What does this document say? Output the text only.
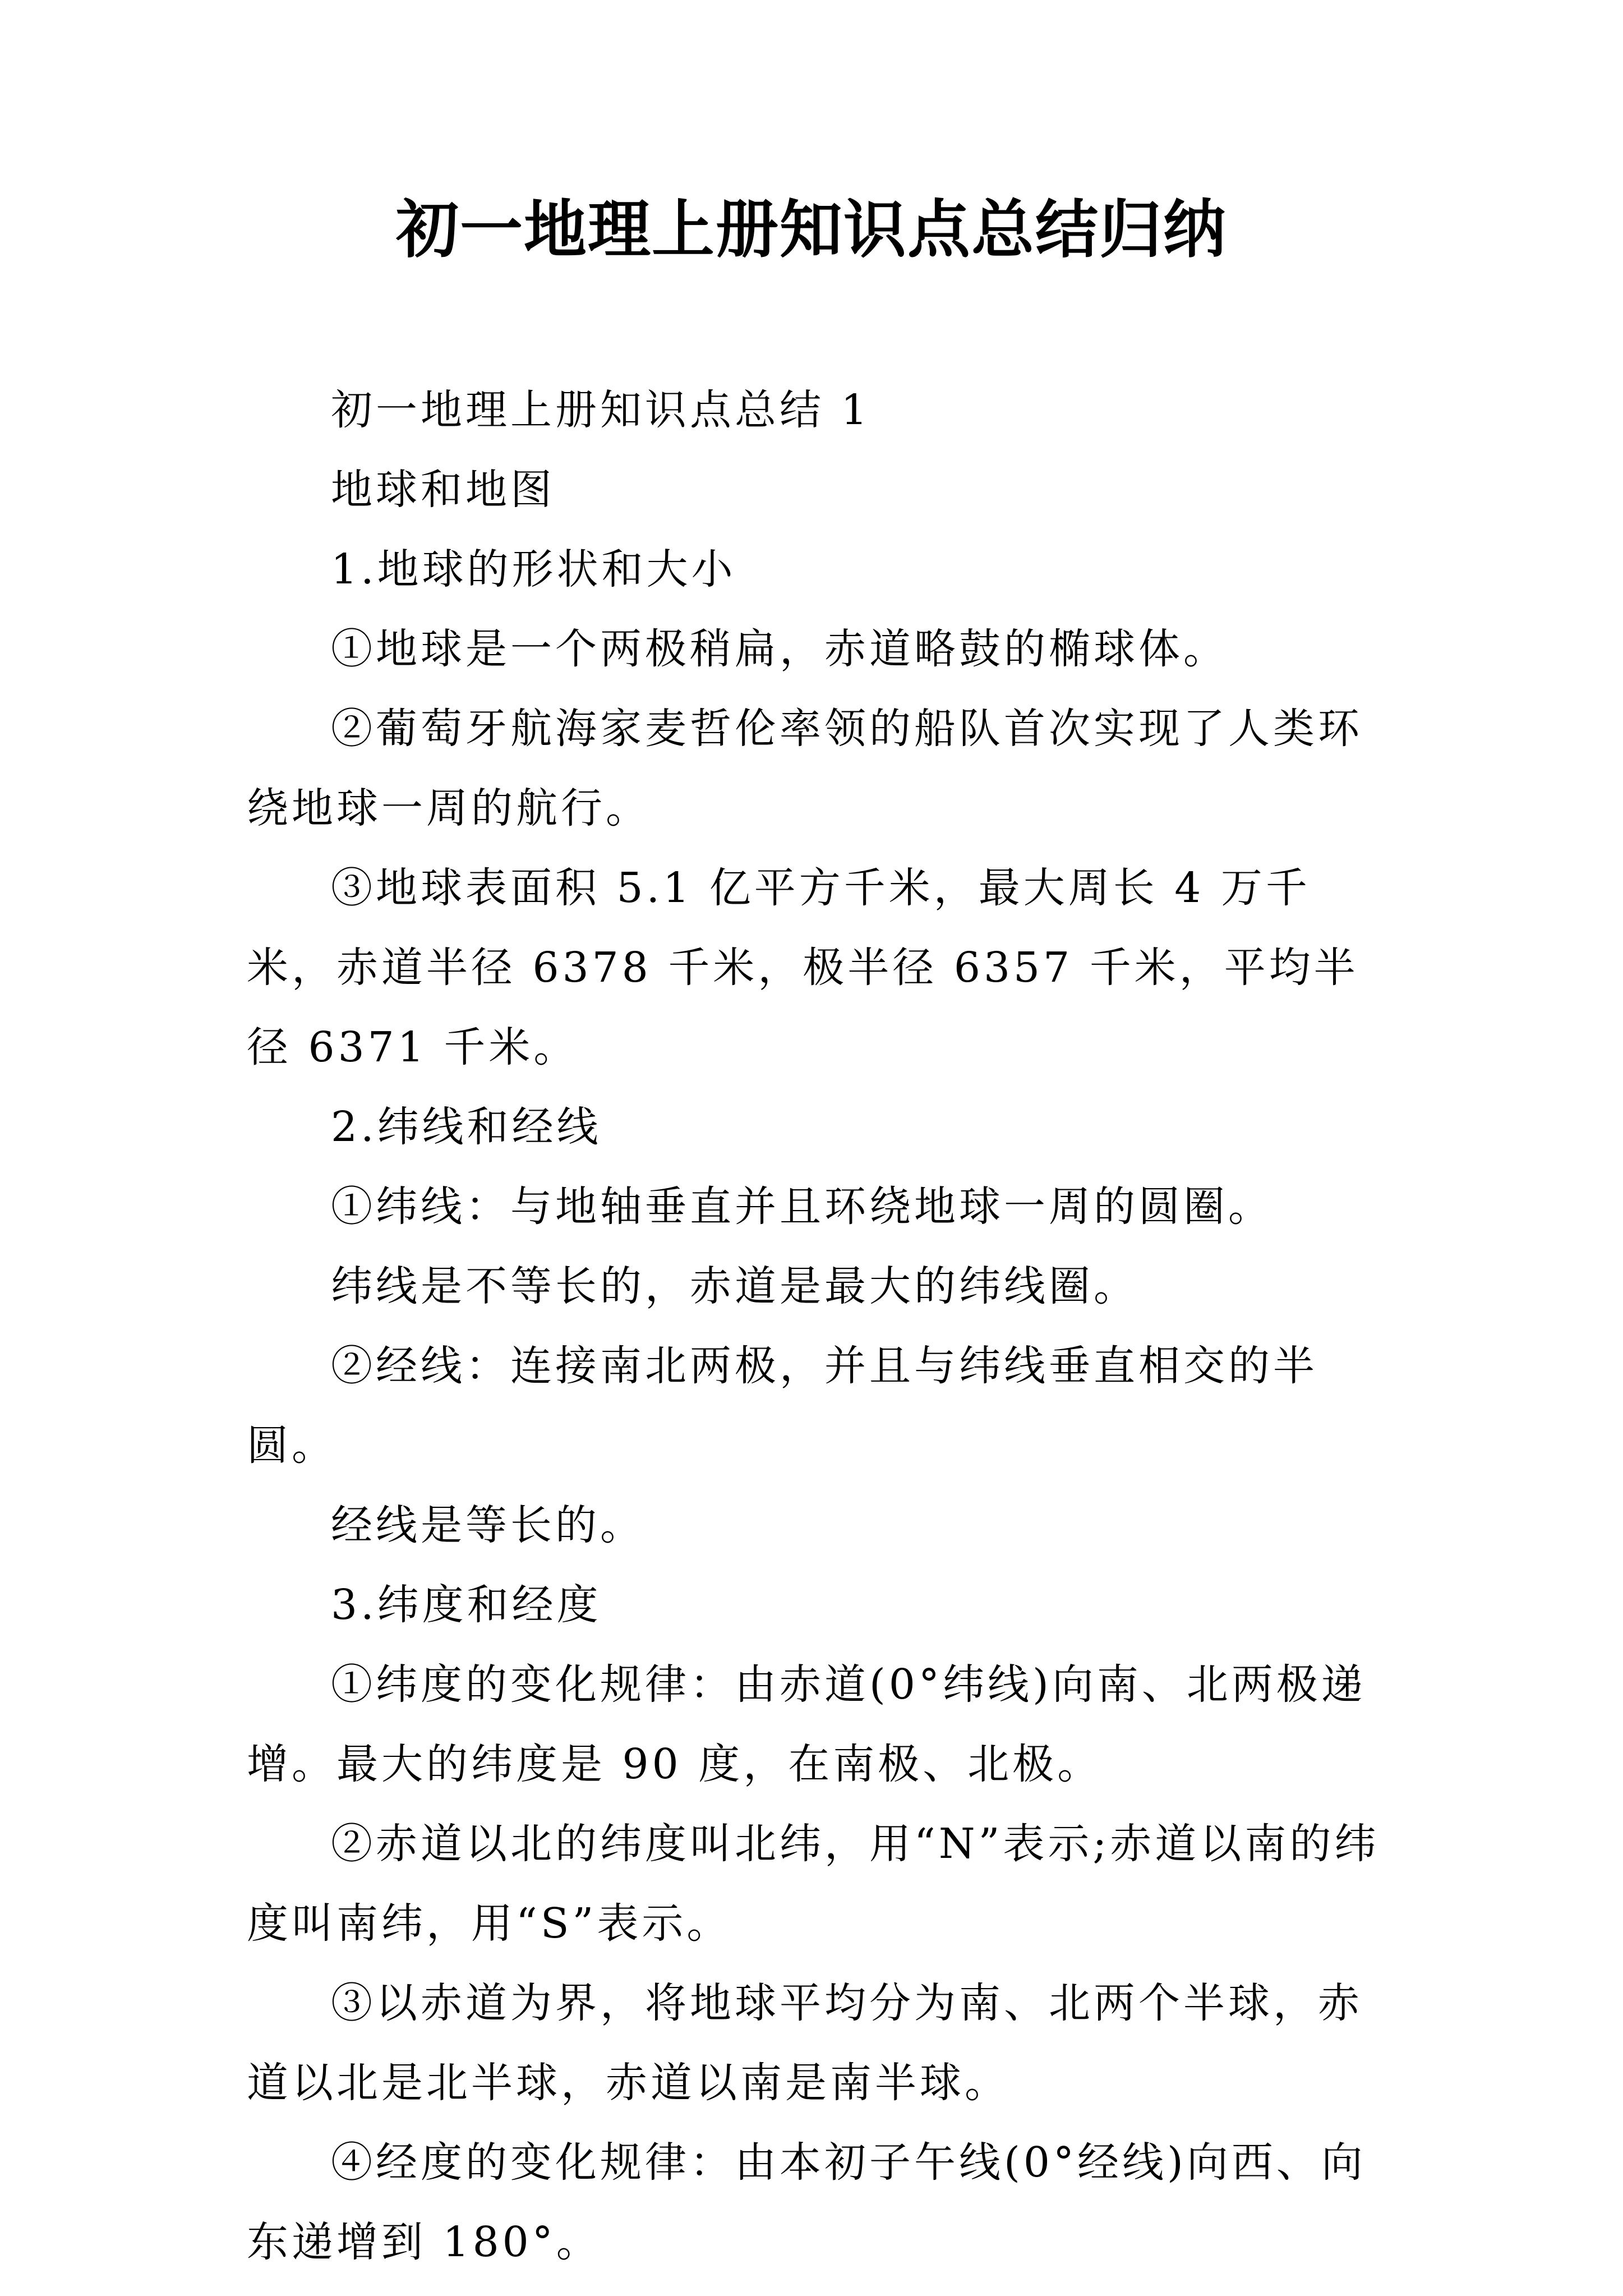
初一地理上册知识点总结归纳

初一地理上册知识点总结 1

地球和地图

1.地球的形状和大小

①地球是一个两极稍扁，赤道略鼓的椭球体。

②葡萄牙航海家麦哲伦率领的船队首次实现了人类环绕地球一周的航行。

③地球表面积 5.1 亿平方千米，最大周长 4 万千米，赤道半径 6378 千米，极半径 6357 千米，平均半径 6371 千米。

2.纬线和经线

①纬线：与地轴垂直并且环绕地球一周的圆圈。

纬线是不等长的，赤道是最大的纬线圈。

②经线：连接南北两极，并且与纬线垂直相交的半圆。

经线是等长的。

3.纬度和经度

①纬度的变化规律：由赤道(0°纬线)向南、北两极递增。最大的纬度是 90 度，在南极、北极。

②赤道以北的纬度叫北纬，用“N”表示;赤道以南的纬度叫南纬，用“S”表示。

③以赤道为界，将地球平均分为南、北两个半球，赤道以北是北半球，赤道以南是南半球。

④经度的变化规律：由本初子午线(0°经线)向西、向东递增到 180°。
